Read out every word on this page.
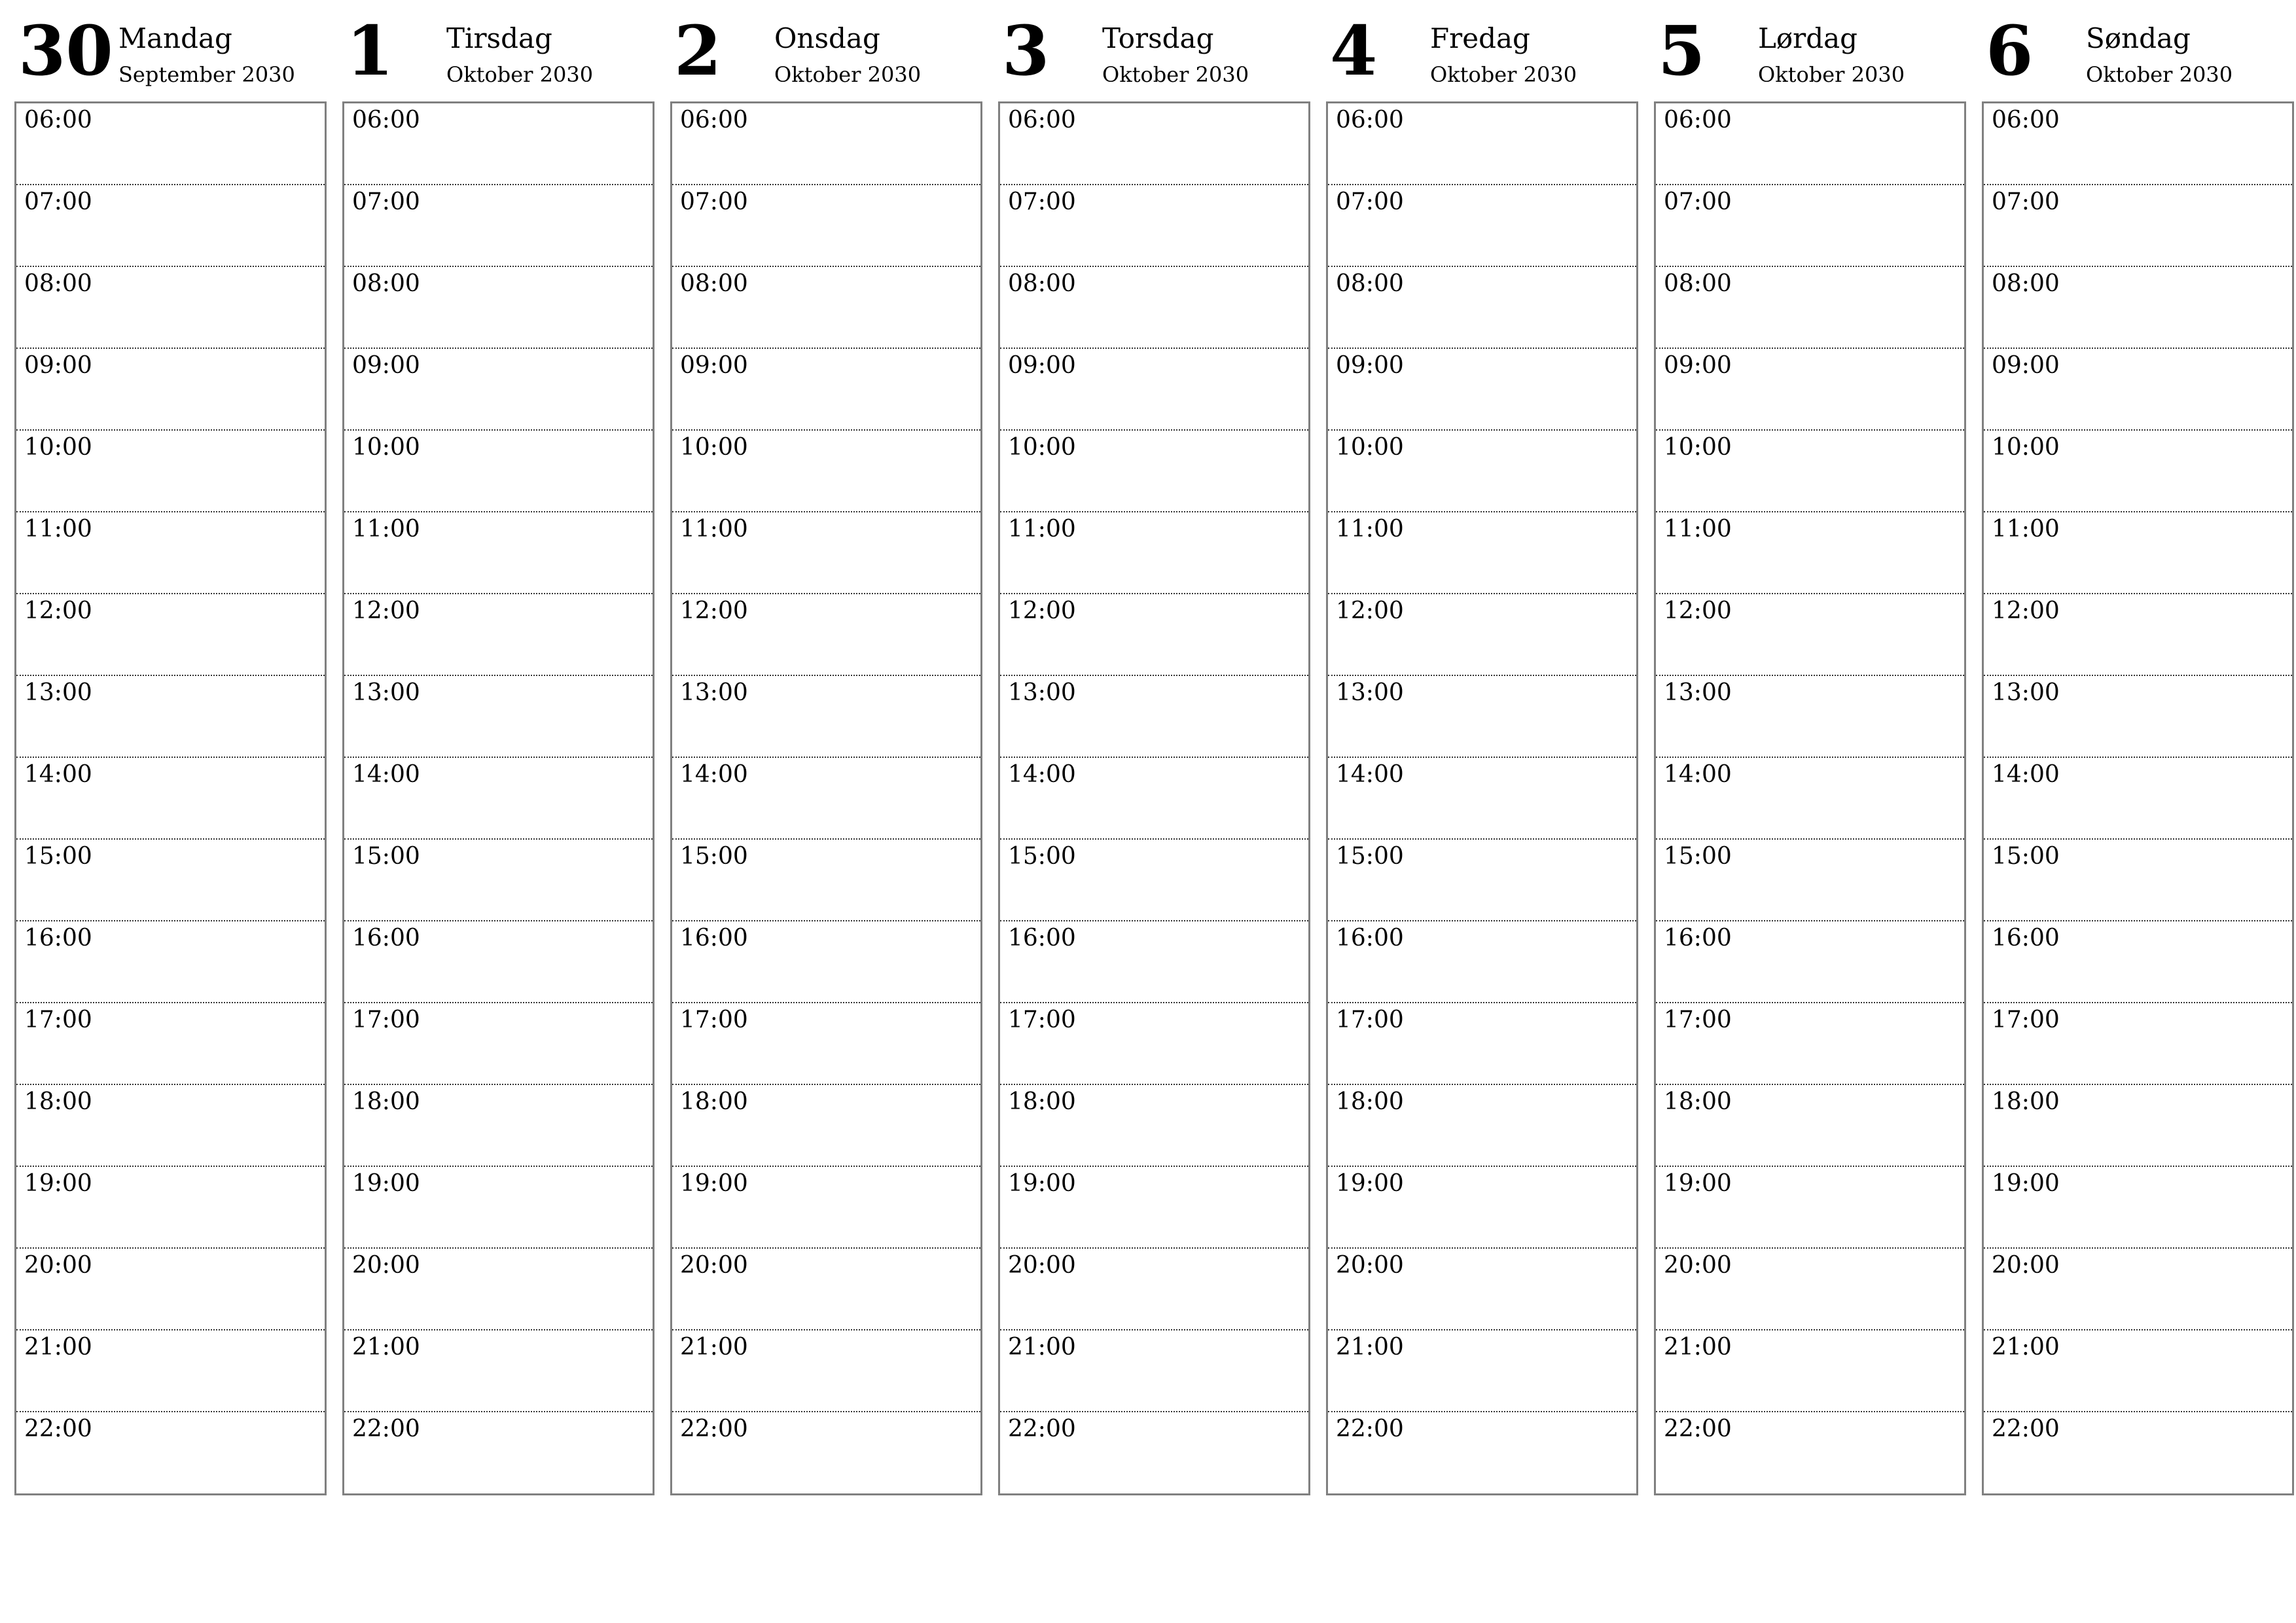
30 Mandag
September 2030
06:00
07:00
08:00
09:00
10:00
11:00
12:00
13:00
14:00
15:00
16:00
17:00
18:00
19:00
20:00
21:00
22:00
1 Tirsdag
Oktober 2030
06:00
07:00
08:00
09:00
10:00
11:00
12:00
13:00
14:00
15:00
16:00
17:00
18:00
19:00
20:00
21:00
22:00
2 Onsdag
Oktober 2030
06:00
07:00
08:00
09:00
10:00
11:00
12:00
13:00
14:00
15:00
16:00
17:00
18:00
19:00
20:00
21:00
22:00
3 Torsdag
Oktober 2030
06:00
07:00
08:00
09:00
10:00
11:00
12:00
13:00
14:00
15:00
16:00
17:00
18:00
19:00
20:00
21:00
22:00
4 Fredag
Oktober 2030
06:00
07:00
08:00
09:00
10:00
11:00
12:00
13:00
14:00
15:00
16:00
17:00
18:00
19:00
20:00
21:00
22:00
5 Lørdag
Oktober 2030
06:00
07:00
08:00
09:00
10:00
11:00
12:00
13:00
14:00
15:00
16:00
17:00
18:00
19:00
20:00
21:00
22:00
6 Søndag
Oktober 2030
06:00
07:00
08:00
09:00
10:00
11:00
12:00
13:00
14:00
15:00
16:00
17:00
18:00
19:00
20:00
21:00
22:00
